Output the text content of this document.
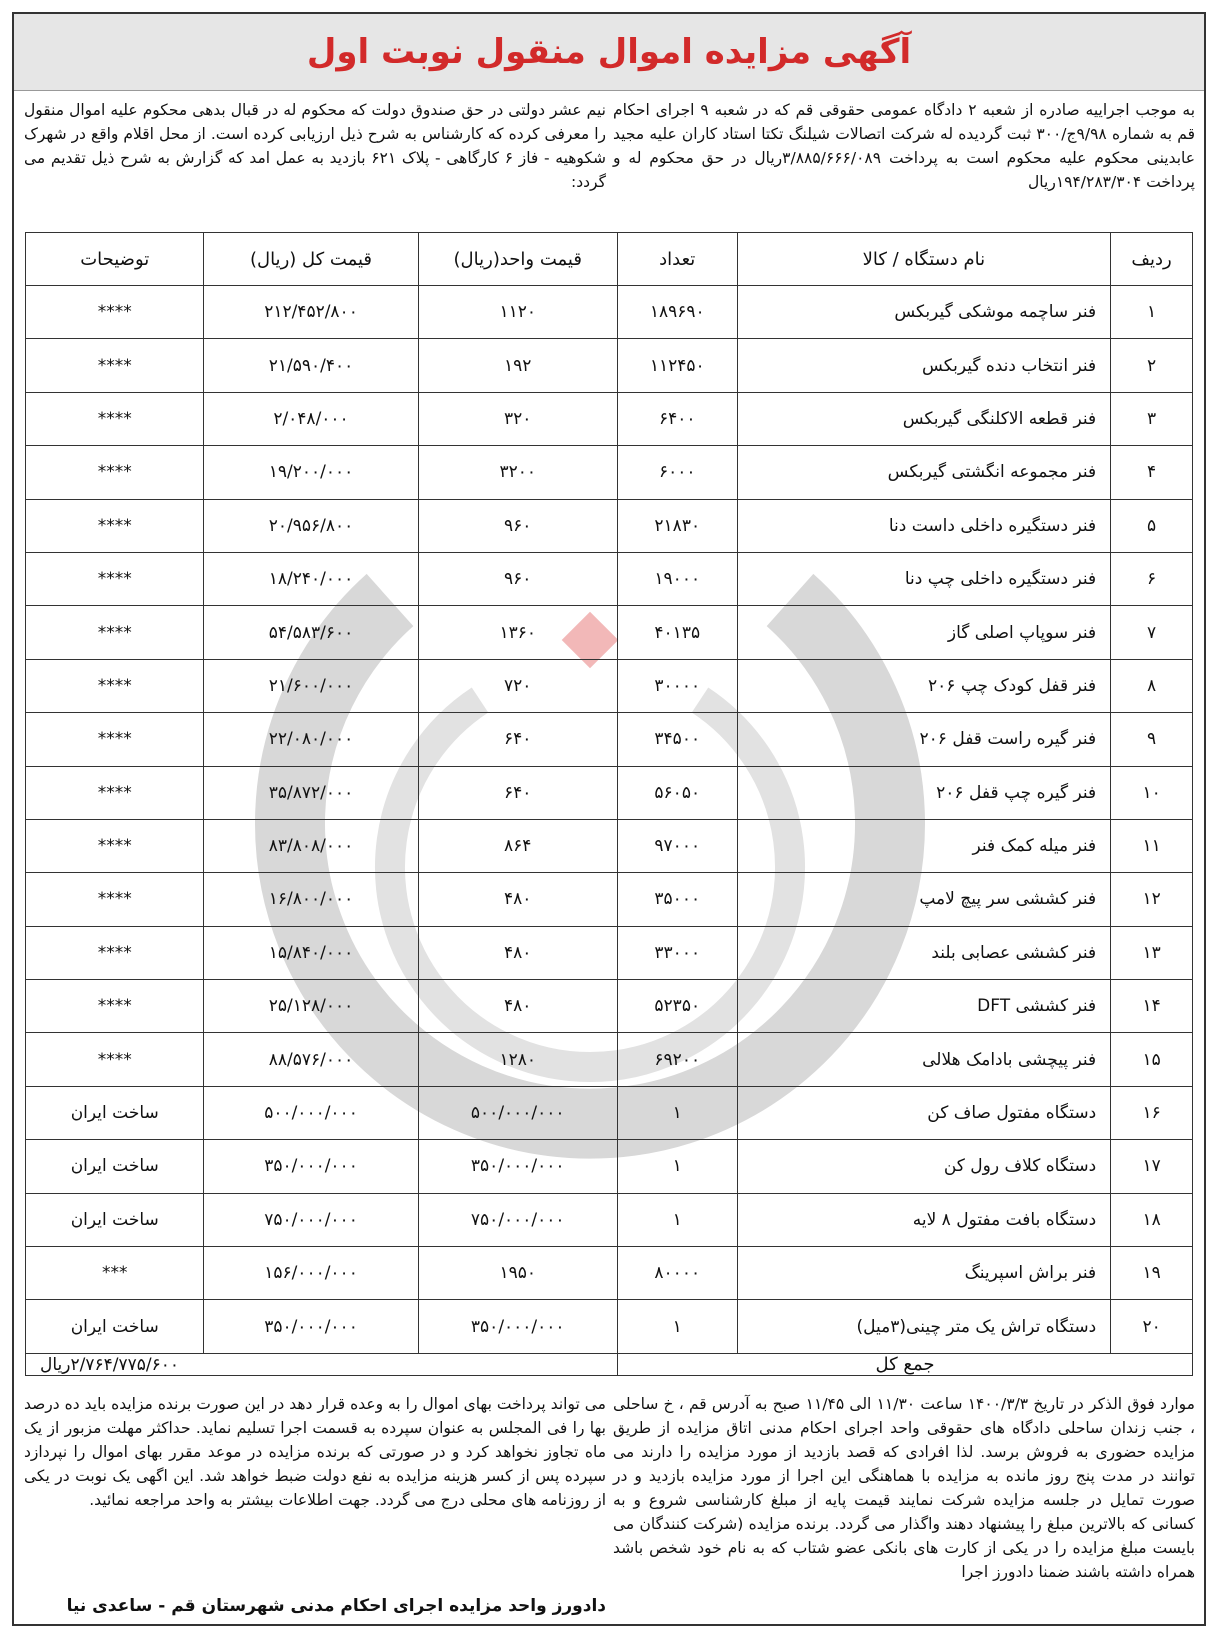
آگهی مزایده اموال منقول نوبت اول
به موجب اجراییه صادره از شعبه ۲ دادگاه عمومی حقوقی قم که در شعبه ۹ اجرای احکام قم به شماره ۹/۹۸ج/۳۰۰ ثبت گردیده له شرکت اتصالات شیلنگ تکتا استاد کاران علیه مجید عابدینی محکوم علیه محکوم است به پرداخت ۳/۸۸۵/۶۶۶/۰۸۹ریال در حق محکوم له و پرداخت ۱۹۴/۲۸۳/۳۰۴ریال
نیم عشر دولتی در حق صندوق دولت که محکوم له در قبال بدهی محکوم علیه اموال منقول را معرفی کرده که کارشناس به شرح ذیل ارزیابی کرده است. از محل اقلام واقع در شهرک شکوهیه - فاز ۶ کارگاهی - پلاک ۶۲۱ بازدید به عمل امد که گزارش به شرح ذیل تقدیم می گردد:
ردیف	نام دستگاه / کالا	تعداد	قیمت واحد(ریال)	قیمت کل (ریال)	توضیحات
۱	فنر ساچمه موشکی گیربکس	۱۸۹۶۹۰	۱۱۲۰	۲۱۲/۴۵۲/۸۰۰	****
۲	فنر انتخاب دنده گیربکس	۱۱۲۴۵۰	۱۹۲	۲۱/۵۹۰/۴۰۰	****
۳	فنر قطعه الاکلنگی گیربکس	۶۴۰۰	۳۲۰	۲/۰۴۸/۰۰۰	****
۴	فنر مجموعه انگشتی گیربکس	۶۰۰۰	۳۲۰۰	۱۹/۲۰۰/۰۰۰	****
۵	فنر دستگیره داخلی داست دنا	۲۱۸۳۰	۹۶۰	۲۰/۹۵۶/۸۰۰	****
۶	فنر دستگیره داخلی چپ دنا	۱۹۰۰۰	۹۶۰	۱۸/۲۴۰/۰۰۰	****
۷	فنر سوپاپ اصلی گاز	۴۰۱۳۵	۱۳۶۰	۵۴/۵۸۳/۶۰۰	****
۸	فنر قفل کودک چپ ۲۰۶	۳۰۰۰۰	۷۲۰	۲۱/۶۰۰/۰۰۰	****
۹	فنر گیره راست قفل ۲۰۶	۳۴۵۰۰	۶۴۰	۲۲/۰۸۰/۰۰۰	****
۱۰	فنر گیره چپ قفل ۲۰۶	۵۶۰۵۰	۶۴۰	۳۵/۸۷۲/۰۰۰	****
۱۱	فنر میله کمک فنر	۹۷۰۰۰	۸۶۴	۸۳/۸۰۸/۰۰۰	****
۱۲	فنر کششی سر پیچ لامپ	۳۵۰۰۰	۴۸۰	۱۶/۸۰۰/۰۰۰	****
۱۳	فنر کششی عصابی بلند	۳۳۰۰۰	۴۸۰	۱۵/۸۴۰/۰۰۰	****
۱۴	فنر کششی DFT	۵۲۳۵۰	۴۸۰	۲۵/۱۲۸/۰۰۰	****
۱۵	فنر پیچشی بادامک هلالی	۶۹۲۰۰	۱۲۸۰	۸۸/۵۷۶/۰۰۰	****
۱۶	دستگاه مفتول صاف کن	۱	۵۰۰/۰۰۰/۰۰۰	۵۰۰/۰۰۰/۰۰۰	ساخت ایران
۱۷	دستگاه کلاف رول کن	۱	۳۵۰/۰۰۰/۰۰۰	۳۵۰/۰۰۰/۰۰۰	ساخت ایران
۱۸	دستگاه بافت مفتول ۸ لایه	۱	۷۵۰/۰۰۰/۰۰۰	۷۵۰/۰۰۰/۰۰۰	ساخت ایران
۱۹	فنر براش اسپرینگ	۸۰۰۰۰	۱۹۵۰	۱۵۶/۰۰۰/۰۰۰	***
۲۰	دستگاه تراش یک متر چینی(۳میل)	۱	۳۵۰/۰۰۰/۰۰۰	۳۵۰/۰۰۰/۰۰۰	ساخت ایران
جمع کل			۲/۷۶۴/۷۷۵/۶۰۰ریال		
موارد فوق الذکر در تاریخ ۱۴۰۰/۳/۳ ساعت ۱۱/۳۰ الی ۱۱/۴۵ صبح به آدرس قم ، خ ساحلی ، جنب زندان ساحلی دادگاه های حقوقی واحد اجرای احکام مدنی اتاق مزایده از طریق مزایده حضوری به فروش برسد. لذا افرادی که قصد بازدید از مورد مزایده را دارند می توانند در مدت پنج روز مانده به مزایده با هماهنگی این اجرا از مورد مزایده بازدید و در صورت تمایل در جلسه مزایده شرکت نمایند قیمت پایه از مبلغ کارشناسی شروع و به کسانی که بالاترین مبلغ را پیشنهاد دهند واگذار می گردد. برنده مزایده (شرکت کنندگان می بایست مبلغ مزایده را در یکی از کارت های بانکی عضو شتاب که به نام خود شخص باشد همراه داشته باشند ضمنا دادورز اجرا
می تواند پرداخت بهای اموال را به وعده قرار دهد در این صورت برنده مزایده باید ده درصد بها را فی المجلس به عنوان سپرده به قسمت اجرا تسلیم نماید. حداکثر مهلت مزبور از یک ماه تجاوز نخواهد کرد و در صورتی که برنده مزایده در موعد مقرر بهای اموال را نپردازد سپرده پس از کسر هزینه مزایده به نفع دولت ضبط خواهد شد. این اگهی یک نوبت در یکی از روزنامه های محلی درج می گردد. جهت اطلاعات بیشتر به واحد مراجعه نمائید.
دادورز واحد مزایده اجرای احکام مدنی شهرستان قم - ساعدی نیا
